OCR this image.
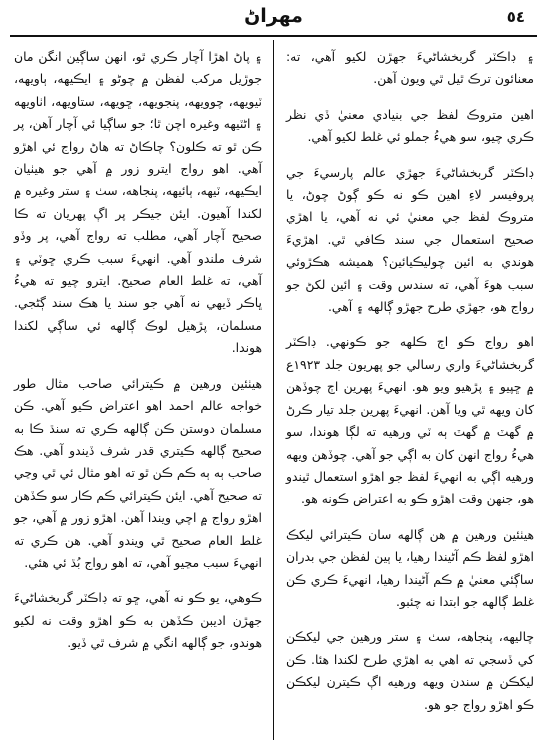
٥٤
مهراڻ

۽ ڊاڪٽر گربخشاڻيءَ جهڙن لکيو آهي، ته: معنائون ترڪ ٿيل ٿي ويون آهن.

اهين متروڪ لفظ جي بنيادي معنيٰ ڏي نظر ڪري چيو، سو هيءُ جملو ئي غلط لکيو آهي.

ڊاڪٽر گربخشاڻيءَ جهڙي عالم پارسيءَ جي پروفيسر لاءِ اهين ڪو نه ڪو ڳوڻ چوڻ، يا متروڪ لفظ جي معنيٰ ئي نه آهي، يا اهڙي صحيح استعمال جي سند ڪافي ٿي. اهڙيءَ هوندي به ائين چوليڪيائين؟ هميشه هڪڙوئي سبب هوءَ آهي، ته سندس وقت ۽ ائين لکڻ جو رواج هو، جهڙي طرح جهڙو ڳالهه ۽ آهي.

اهو رواج ڪو اڄ ڪلهه جو ڪونهي. ڊاڪٽر گربخشاڻيءَ واري رسالي جو پهريون جلد ١٩٢٣ع ۾ ڇپيو ۽ پڙهيو ويو هو. انهيءَ پهرين اڄ چوڏهن کان ويهه ٿي ويا آهن. انهيءَ پهرين جلد تيار ڪرڻ ۾ گهٽ ۾ گهٽ ٻه ٽي ورهيه ته لڳا هوندا، سو هيءُ رواج انهن کان به اڳي جو آهي. چوڏهن ويهه ورهيه اڳي به انهيءَ لفظ جو اهڙو استعمال ٿيندو هو، جنهن وقت اهڙو ڪو به اعتراض ڪونه هو.

هيٺئين ورهين ۾ هن ڳالهه سان ڪيترائي ليکڪ اهڙو لفظ ڪم آڻيندا رهيا، يا ٻين لفظن جي بدران ساڳئي معنيٰ ۾ ڪم آڻيندا رهيا، انهيءَ ڪري ڪن غلط ڳالهه جو ابتدا نه چئبو.

چاليهه، پنجاهه، سٺ ۽ ستر ورهين جي ليکڪن کي ڏسجي ته اهي به اهڙي طرح لکندا هئا. ڪن ليکڪن ۾ سندن ويهه ورهيه اڳ ڪيترن ليکڪن ڪو اهڙو رواج جو هو.

۽ پاڻ اهڙا آچار ڪري ٿو، انهن ساڳين انگن مان جوڙيل مرکب لفظن ۾ چوڻو ۽ ايڪيهه، ٻاويهه، ٽيويهه، چوويهه، پنجويهه، ڇويهه، ستاويهه، اٺاويهه ۽ اڻٽيهه وغيره اچن ٿا؛ جو ساڳيا ئي آچار آهن، پر ڪن ٿو ته ڪلون؟ چاڪاڻ ته هاڻ رواج ئي اهڙو آهي. اهو رواج ايترو زور ۾ آهي جو هيٺيان ايڪيهه، ٽيهه، ٻائيهه، پنجاهه، سٺ ۽ ستر وغيره ۾ لکندا آهيون. ايئن جيڪر پر اڳ پهريان ته ڪا صحيح آچار آهي، مطلب ته رواج آهي، پر وڏو شرف ملندو آهي. انهيءَ سبب ڪري ڇوٽي ۽ آهي، ته غلط العام صحيح. ايترو چيو ته هيءُ ڀاڪر ڏيهي نه آهي جو سند يا هڪ سند ڳڻجي. مسلمان، پڙهيل لوڪ ڳالهه ئي ساڳي لکندا هوندا.

هيٺئين ورهين ۾ ڪيترائي صاحب مثال طور خواجه عالم احمد اهو اعتراض ڪيو آهي. ڪن مسلمان دوستن ڪن ڳالهه ڪري ته سنڌ ڪا به صحيح ڳالهه ڪيتري قدر شرف ڏيندو آهي. هڪ صاحب ٻه ٻه ڪم ڪن ٿو ته اهو مثال ئي ٿي وڃي ته صحيح آهي. ايئن ڪيترائي ڪم ڪار سو ڪڏهن اهڙو رواج ۾ اچي ويندا آهن. اهڙو زور ۾ آهي، جو غلط العام صحيح ٿي ويندو آهي. هن ڪري ته انهيءَ سبب مڃيو آهي، ته اهو رواج بُڌ ئي هئي.

ڪوهي، يو ڪو نه آهي، ڇو ته ڊاڪٽر گربخشاڻيءَ جهڙن اديبن ڪڏهن به ڪو اهڙو وقت نه لکيو هوندو، جو ڳالهه انگي ۾ شرف ٿي ڏيو.
